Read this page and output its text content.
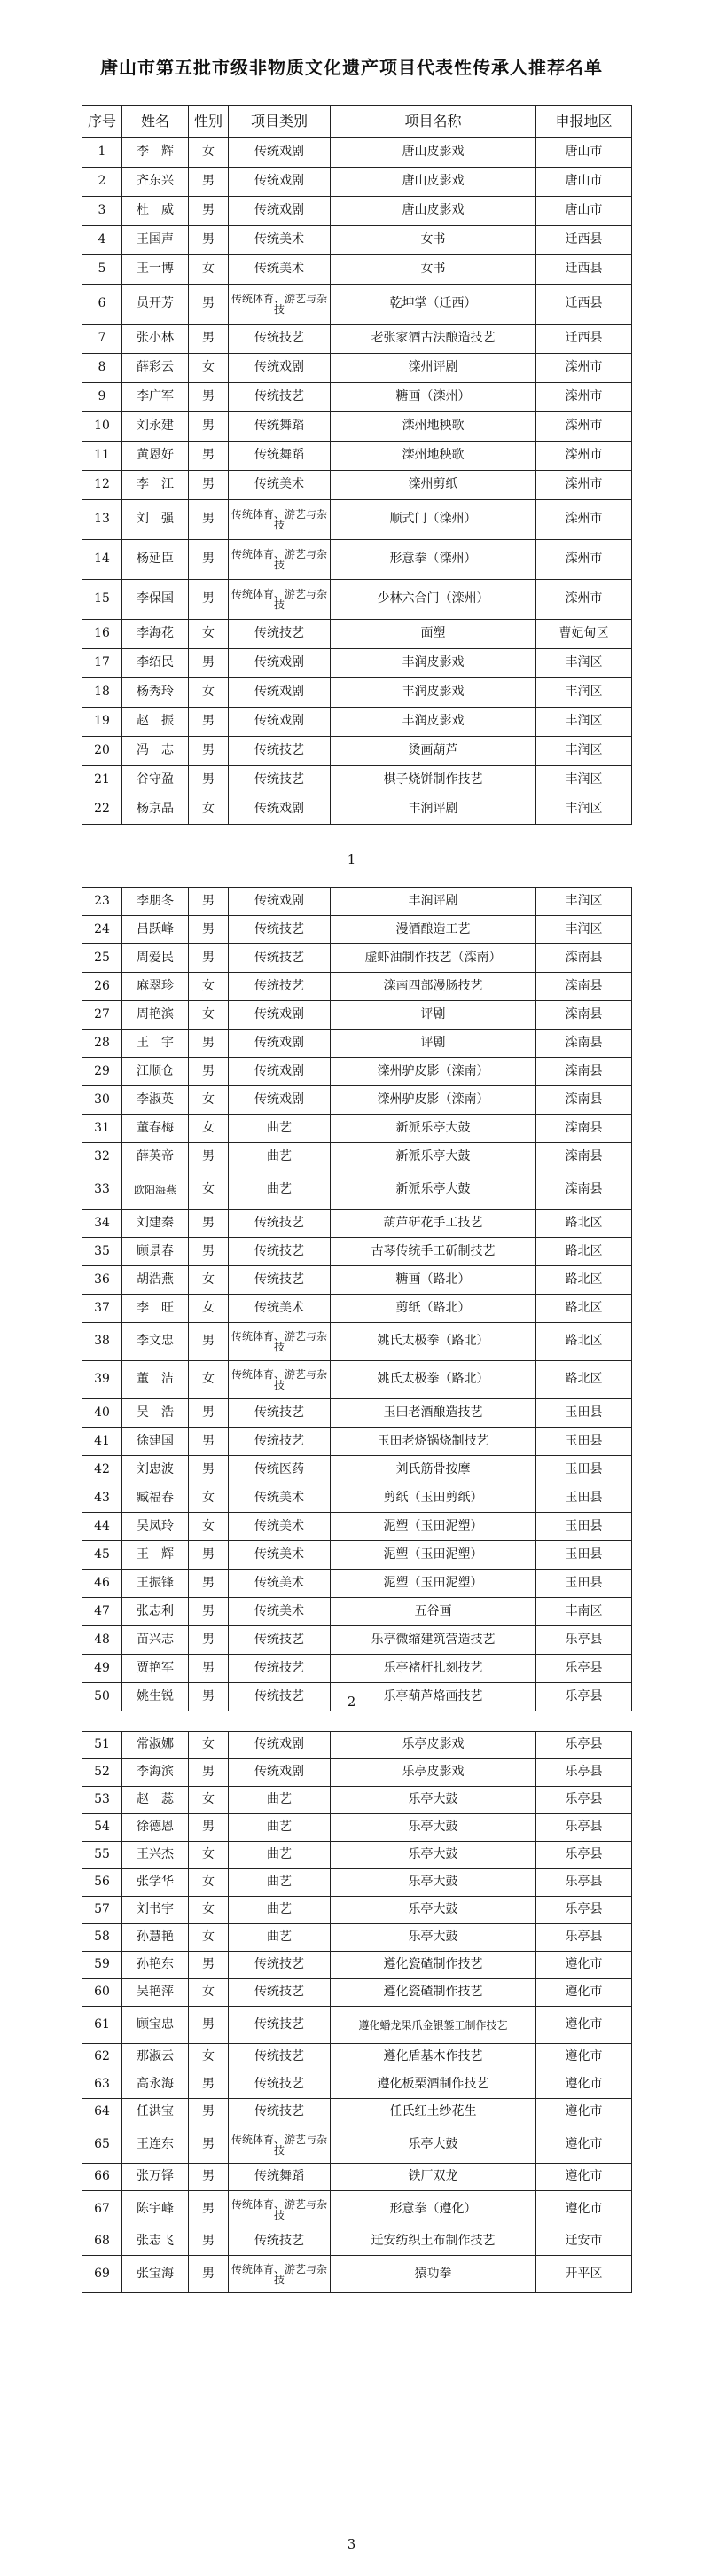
唐山市第五批市级非物质文化遗产项目代表性传承人推荐名单
序号	姓名	性别	项目类别	项目名称	申报地区
1	李　辉	女	传统戏剧	唐山皮影戏	唐山市
2	齐东兴	男	传统戏剧	唐山皮影戏	唐山市
3	杜　威	男	传统戏剧	唐山皮影戏	唐山市
4	王国声	男	传统美术	女书	迁西县
5	王一博	女	传统美术	女书	迁西县
6	员开芳	男	传统体育、游艺与杂技	乾坤掌（迁西）	迁西县
7	张小林	男	传统技艺	老张家酒古法酿造技艺	迁西县
8	薛彩云	女	传统戏剧	滦州评剧	滦州市
9	李广军	男	传统技艺	糖画（滦州）	滦州市
10	刘永建	男	传统舞蹈	滦州地秧歌	滦州市
11	黄恩好	男	传统舞蹈	滦州地秧歌	滦州市
12	李　江	男	传统美术	滦州剪纸	滦州市
13	刘　强	男	传统体育、游艺与杂技	顺式门（滦州）	滦州市
14	杨延臣	男	传统体育、游艺与杂技	形意拳（滦州）	滦州市
15	李保国	男	传统体育、游艺与杂技	少林六合门（滦州）	滦州市
16	李海花	女	传统技艺	面塑	曹妃甸区
17	李绍民	男	传统戏剧	丰润皮影戏	丰润区
18	杨秀玲	女	传统戏剧	丰润皮影戏	丰润区
19	赵　振	男	传统戏剧	丰润皮影戏	丰润区
20	冯　志	男	传统技艺	烫画葫芦	丰润区
21	谷守盈	男	传统技艺	棋子烧饼制作技艺	丰润区
22	杨京晶	女	传统戏剧	丰润评剧	丰润区
1
23	李朋冬	男	传统戏剧	丰润评剧	丰润区
24	吕跃峰	男	传统技艺	漫酒酿造工艺	丰润区
25	周爱民	男	传统技艺	虚虾油制作技艺（滦南）	滦南县
26	麻翠珍	女	传统技艺	滦南四部漫肠技艺	滦南县
27	周艳滨	女	传统戏剧	评剧	滦南县
28	王　宇	男	传统戏剧	评剧	滦南县
29	江顺仓	男	传统戏剧	滦州驴皮影（滦南）	滦南县
30	李淑英	女	传统戏剧	滦州驴皮影（滦南）	滦南县
31	董春梅	女	曲艺	新派乐亭大鼓	滦南县
32	薛英帝	男	曲艺	新派乐亭大鼓	滦南县
33	欧阳海燕	女	曲艺	新派乐亭大鼓	滦南县
34	刘建秦	男	传统技艺	葫芦研花手工技艺	路北区
35	顾景春	男	传统技艺	古琴传统手工斫制技艺	路北区
36	胡浩燕	女	传统技艺	糖画（路北）	路北区
37	李　旺	女	传统美术	剪纸（路北）	路北区
38	李文忠	男	传统体育、游艺与杂技	姚氏太极拳（路北）	路北区
39	董　洁	女	传统体育、游艺与杂技	姚氏太极拳（路北）	路北区
40	吴　浩	男	传统技艺	玉田老酒酿造技艺	玉田县
41	徐建国	男	传统技艺	玉田老烧锅烧制技艺	玉田县
42	刘忠波	男	传统医药	刘氏筋骨按摩	玉田县
43	臧福春	女	传统美术	剪纸（玉田剪纸）	玉田县
44	吴凤玲	女	传统美术	泥塑（玉田泥塑）	玉田县
45	王　辉	男	传统美术	泥塑（玉田泥塑）	玉田县
46	王振锋	男	传统美术	泥塑（玉田泥塑）	玉田县
47	张志利	男	传统美术	五谷画	丰南区
48	苗兴志	男	传统技艺	乐亭微缩建筑营造技艺	乐亭县
49	贾艳军	男	传统技艺	乐亭褚杆扎刻技艺	乐亭县
50	姚生锐	男	传统技艺	乐亭葫芦烙画技艺	乐亭县
2
51	常淑娜	女	传统戏剧	乐亭皮影戏	乐亭县
52	李海滨	男	传统戏剧	乐亭皮影戏	乐亭县
53	赵　蕊	女	曲艺	乐亭大鼓	乐亭县
54	徐德恩	男	曲艺	乐亭大鼓	乐亭县
55	王兴杰	女	曲艺	乐亭大鼓	乐亭县
56	张学华	女	曲艺	乐亭大鼓	乐亭县
57	刘书宇	女	曲艺	乐亭大鼓	乐亭县
58	孙慧艳	女	曲艺	乐亭大鼓	乐亭县
59	孙艳东	男	传统技艺	遵化瓷碴制作技艺	遵化市
60	吴艳萍	女	传统技艺	遵化瓷碴制作技艺	遵化市
61	顾宝忠	男	传统技艺	遵化蟠龙果爪金银錾工制作技艺	遵化市
62	那淑云	女	传统技艺	遵化盾基木作技艺	遵化市
63	高永海	男	传统技艺	遵化板栗酒制作技艺	遵化市
64	任洪宝	男	传统技艺	任氏红土纱花生	遵化市
65	王连东	男	传统体育、游艺与杂技	乐亭大鼓	遵化市
66	张万铎	男	传统舞蹈	铁厂双龙	遵化市
67	陈宇峰	男	传统体育、游艺与杂技	形意拳（遵化）	遵化市
68	张志飞	男	传统技艺	迁安纺织土布制作技艺	迁安市
69	张宝海	男	传统体育、游艺与杂技	猿功拳	开平区
3
